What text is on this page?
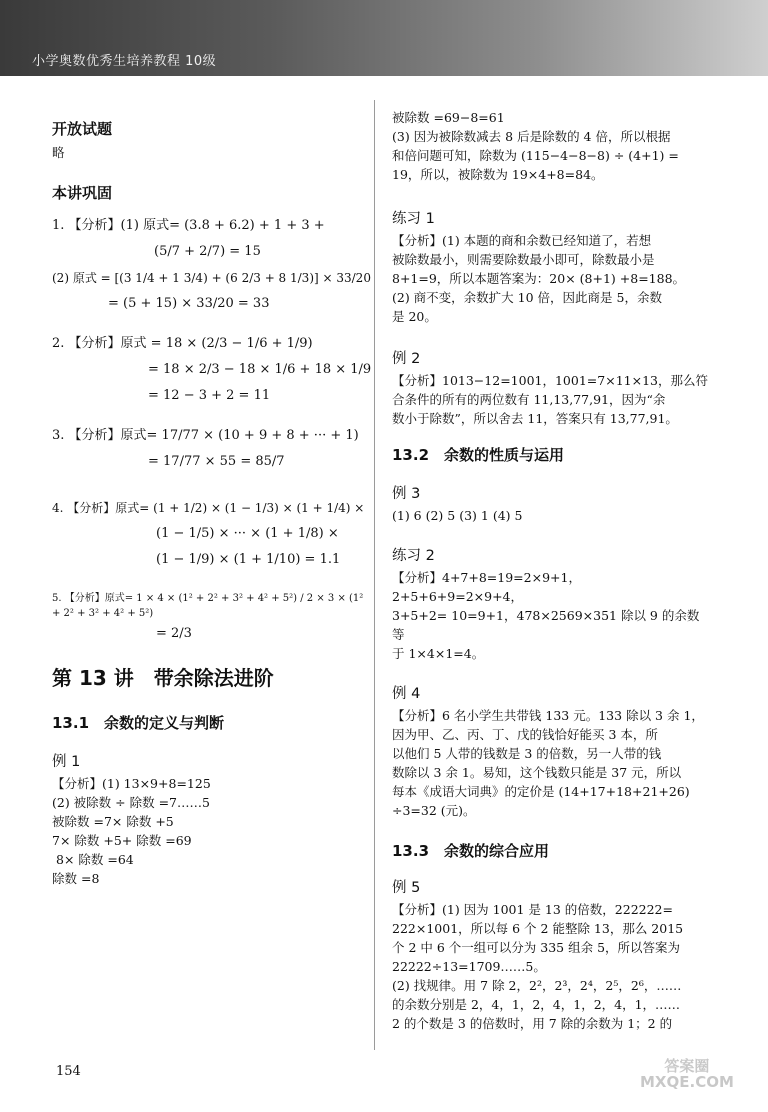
小学奥数优秀生培养教程 10级

开放试题

略

本讲巩固

1. 【分析】(1) 原式= (3.8 + 6.2) + 1 + 3 +
(5/7 + 2/7) = 15
(2) 原式 = [(3 1/4 + 1 3/4) + (6 2/3 + 8 1/3)] × 33/20
= (5 + 15) × 33/20 = 33
2. 【分析】原式 = 18 × (2/3 − 1/6 + 1/9)
= 18 × 2/3 − 18 × 1/6 + 18 × 1/9
= 12 − 3 + 2 = 11
3. 【分析】原式= 17/77 × (10 + 9 + 8 + ··· + 1)
= 17/77 × 55 = 85/7
4. 【分析】原式= (1 + 1/2) × (1 − 1/3) × (1 + 1/4) ×
(1 − 1/5) × ··· × (1 + 1/8) ×
(1 − 1/9) × (1 + 1/10) = 1.1
5. 【分析】原式= 1 × 4 × (1² + 2² + 3² + 4² + 5²) / 2 × 3 × (1² + 2² + 3² + 4² + 5²)
= 2/3

第 13 讲　带余除法进阶

13.1　余数的定义与判断

例 1

【分析】(1) 13×9+8=125

(2) 被除数 ÷ 除数 =7……5

被除数 =7× 除数 +5

7× 除数 +5+ 除数 =69

8× 除数 =64

除数 =8

被除数 =69−8=61

(3) 因为被除数减去 8 后是除数的 4 倍，所以根据

和倍问题可知，除数为 (115−4−8−8) ÷ (4+1) =

19，所以，被除数为 19×4+8=84。

练习 1

【分析】(1) 本题的商和余数已经知道了，若想

被除数最小，则需要除数最小即可，除数最小是

8+1=9，所以本题答案为：20× (8+1) +8=188。

(2) 商不变，余数扩大 10 倍，因此商是 5，余数

是 20。

例 2

【分析】1013−12=1001，1001=7×11×13，那么符

合条件的所有的两位数有 11,13,77,91，因为“余

数小于除数”，所以舍去 11，答案只有 13,77,91。

13.2　余数的性质与运用

例 3

(1) 6 (2) 5 (3) 1 (4) 5

练习 2

【分析】4+7+8=19=2×9+1，2+5+6+9=2×9+4，

3+5+2= 10=9+1，478×2569×351 除以 9 的余数等

于 1×4×1=4。

例 4

【分析】6 名小学生共带钱 133 元。133 除以 3 余 1，

因为甲、乙、丙、丁、戊的钱恰好能买 3 本，所

以他们 5 人带的钱数是 3 的倍数，另一人带的钱

数除以 3 余 1。易知，这个钱数只能是 37 元，所以

每本《成语大词典》的定价是 (14+17+18+21+26)

÷3=32 (元)。

13.3　余数的综合应用

例 5

【分析】(1) 因为 1001 是 13 的倍数，222222=

222×1001，所以每 6 个 2 能整除 13，那么 2015

个 2 中 6 个一组可以分为 335 组余 5，所以答案为

22222÷13=1709……5。

(2) 找规律。用 7 除 2，2²，2³，2⁴，2⁵，2⁶，……

的余数分别是 2，4，1，2，4，1，2，4，1，……

2 的个数是 3 的倍数时，用 7 除的余数为 1；2 的

154	答案圈
MXQE.COM
